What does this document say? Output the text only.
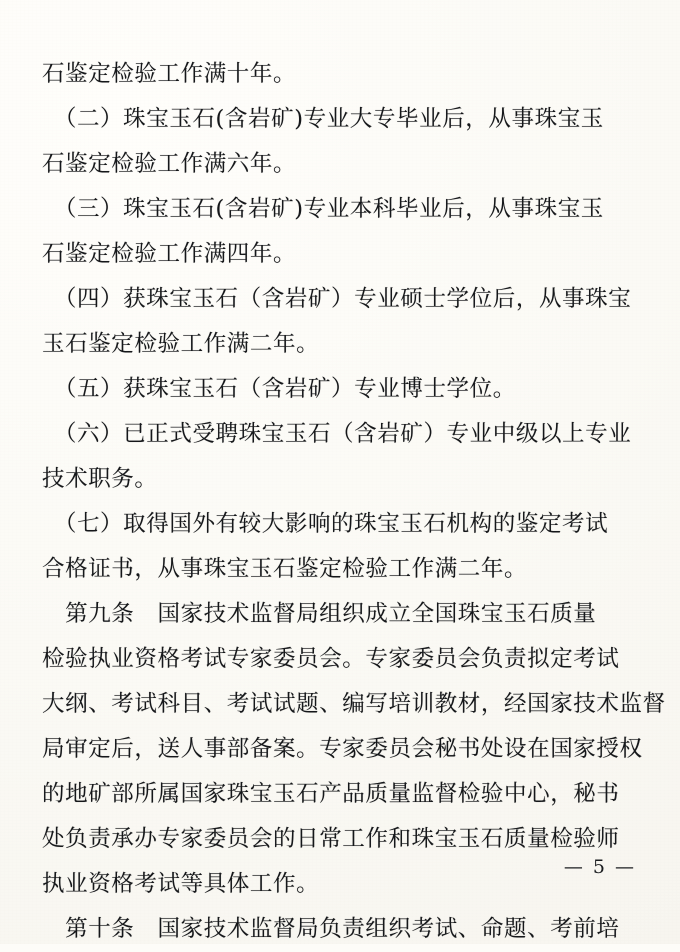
石鉴定检验工作满十年。

　（二）珠宝玉石(含岩矿)专业大专毕业后，从事珠宝玉

石鉴定检验工作满六年。

　（三）珠宝玉石(含岩矿)专业本科毕业后，从事珠宝玉

石鉴定检验工作满四年。

　（四）获珠宝玉石（含岩矿）专业硕士学位后，从事珠宝

玉石鉴定检验工作满二年。

　（五）获珠宝玉石（含岩矿）专业博士学位。

　（六）已正式受聘珠宝玉石（含岩矿）专业中级以上专业

技术职务。

　（七）取得国外有较大影响的珠宝玉石机构的鉴定考试

合格证书，从事珠宝玉石鉴定检验工作满二年。

　第九条　国家技术监督局组织成立全国珠宝玉石质量

检验执业资格考试专家委员会。专家委员会负责拟定考试

大纲、考试科目、考试试题、编写培训教材，经国家技术监督

局审定后，送人事部备案。专家委员会秘书处设在国家授权

的地矿部所属国家珠宝玉石产品质量监督检验中心，秘书

处负责承办专家委员会的日常工作和珠宝玉石质量检验师

执业资格考试等具体工作。

　第十条　国家技术监督局负责组织考试、命题、考前培

— 5 —
